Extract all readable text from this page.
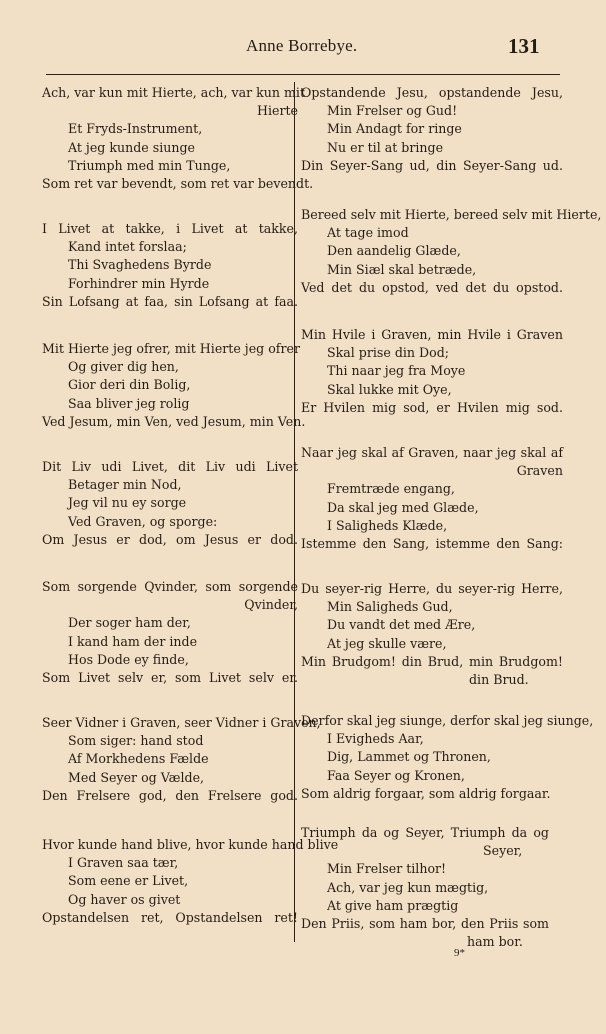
Anne Borrebye.	131
Ach, var kun mit Hierte, ach, var kun mit
Hierte
Et Fryds-Instrument,
At jeg kunde siunge
Triumph med min Tunge,
Som ret var bevendt, som ret var bevendt.
I Livet at takke, i Livet at takke,
Kand intet forslaa;
Thi Svaghedens Byrde
Forhindrer min Hyrde
Sin Lofsang at faa, sin Lofsang at faa.
Mit Hierte jeg ofrer, mit Hierte jeg ofrer
Og giver dig hen,
Gior deri din Bolig,
Saa bliver jeg rolig
Ved Jesum, min Ven, ved Jesum, min Ven.
Dit Liv udi Livet, dit Liv udi Livet
Betager min Nod,
Jeg vil nu ey sorge
Ved Graven, og sporge:
Om Jesus er dod, om Jesus er dod.
Som sorgende Qvinder, som sorgende
Qvinder,
Der soger ham der,
I kand ham der inde
Hos Dode ey finde,
Som Livet selv er, som Livet selv er.
Seer Vidner i Graven, seer Vidner i Graven,
Som siger: hand stod
Af Morkhedens Fælde
Med Seyer og Vælde,
Den Frelsere god, den Frelsere god.
Hvor kunde hand blive, hvor kunde hand blive
I Graven saa tær,
Som eene er Livet,
Og haver os givet
Opstandelsen ret, Opstandelsen ret!
Opstandende Jesu, opstandende Jesu,
Min Frelser og Gud!
Min Andagt for ringe
Nu er til at bringe
Din Seyer-Sang ud, din Seyer-Sang ud.
Bereed selv mit Hierte, bereed selv mit Hierte,
At tage imod
Den aandelig Glæde,
Min Siæl skal betræde,
Ved det du opstod, ved det du opstod.
Min Hvile i Graven, min Hvile i Graven
Skal prise din Dod;
Thi naar jeg fra Moye
Skal lukke mit Oye,
Er Hvilen mig sod, er Hvilen mig sod.
Naar jeg skal af Graven, naar jeg skal af
Graven
Fremtræde engang,
Da skal jeg med Glæde,
I Saligheds Klæde,
Istemme den Sang, istemme den Sang:
Du seyer-rig Herre, du seyer-rig Herre,
Min Saligheds Gud,
Du vandt det med Ære,
At jeg skulle være,
Min Brudgom! din Brud, min Brudgom!
din Brud.
Derfor skal jeg siunge, derfor skal jeg siunge,
I Evigheds Aar,
Dig, Lammet og Thronen,
Faa Seyer og Kronen,
Som aldrig forgaar, som aldrig forgaar.
Triumph da og Seyer, Triumph da og
Seyer,
Min Frelser tilhor!
Ach, var jeg kun mægtig,
At give ham prægtig
Den Priis, som ham bor, den Priis som
ham bor.
9*
